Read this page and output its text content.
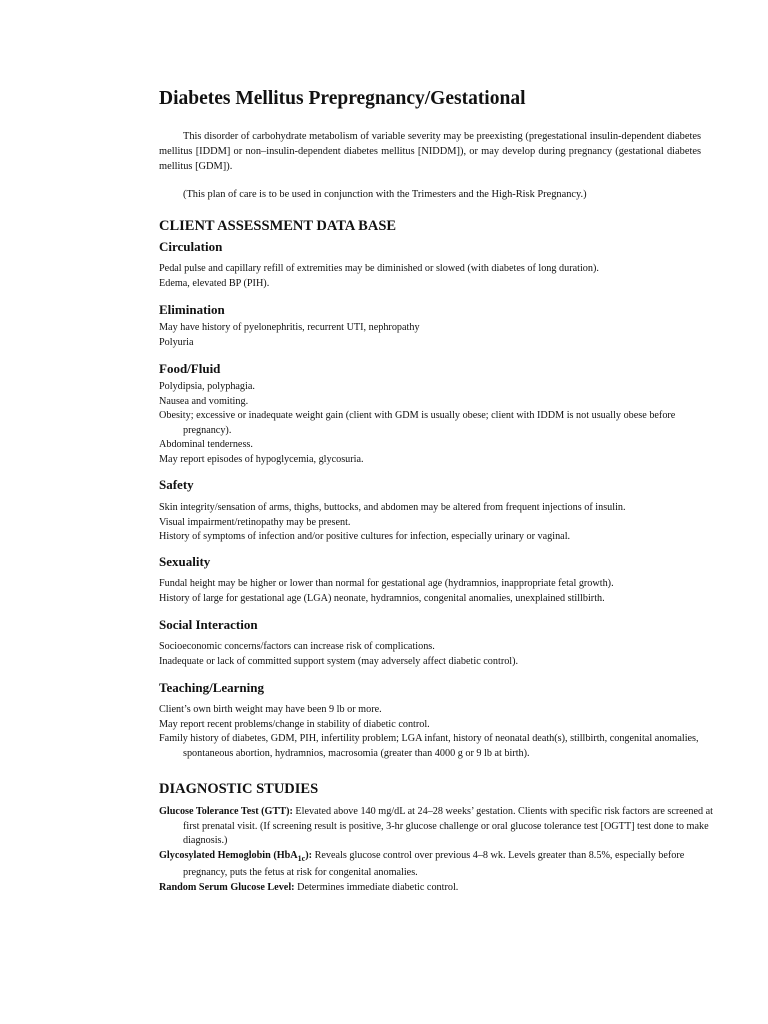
Diabetes Mellitus Prepregnancy/Gestational

This disorder of carbohydrate metabolism of variable severity may be preexisting (pregestational insulin-dependent diabetes mellitus [IDDM] or non–insulin-dependent diabetes mellitus [NIDDM]), or may develop during pregnancy (gestational diabetes mellitus [GDM]).

(This plan of care is to be used in conjunction with the Trimesters and the High-Risk Pregnancy.)

CLIENT ASSESSMENT DATA BASE
Circulation
Pedal pulse and capillary refill of extremities may be diminished or slowed (with diabetes of long duration).
Edema, elevated BP (PIH).
Elimination
May have history of pyelonephritis, recurrent UTI, nephropathy
Polyuria
Food/Fluid
Polydipsia, polyphagia.
Nausea and vomiting.
Obesity; excessive or inadequate weight gain (client with GDM is usually obese; client with IDDM is not usually obese before pregnancy).
Abdominal tenderness.
May report episodes of hypoglycemia, glycosuria.
Safety
Skin integrity/sensation of arms, thighs, buttocks, and abdomen may be altered from frequent injections of insulin.
Visual impairment/retinopathy may be present.
History of symptoms of infection and/or positive cultures for infection, especially urinary or vaginal.
Sexuality
Fundal height may be higher or lower than normal for gestational age (hydramnios, inappropriate fetal growth).
History of large for gestational age (LGA) neonate, hydramnios, congenital anomalies, unexplained stillbirth.
Social Interaction
Socioeconomic concerns/factors can increase risk of complications.
Inadequate or lack of committed support system (may adversely affect diabetic control).
Teaching/Learning
Client’s own birth weight may have been 9 lb or more.
May report recent problems/change in stability of diabetic control.
Family history of diabetes, GDM, PIH, infertility problem; LGA infant, history of neonatal death(s), stillbirth, congenital anomalies, spontaneous abortion, hydramnios, macrosomia (greater than 4000 g or 9 lb at birth).
DIAGNOSTIC STUDIES
Glucose Tolerance Test (GTT): Elevated above 140 mg/dL at 24–28 weeks’ gestation. Clients with specific risk factors are screened at first prenatal visit. (If screening result is positive, 3-hr glucose challenge or oral glucose tolerance test [OGTT] test done to make diagnosis.)
Glycosylated Hemoglobin (HbA$_{1c}$): Reveals glucose control over previous 4–8 wk. Levels greater than 8.5%, especially before pregnancy, puts the fetus at risk for congenital anomalies.
Random Serum Glucose Level: Determines immediate diabetic control.
